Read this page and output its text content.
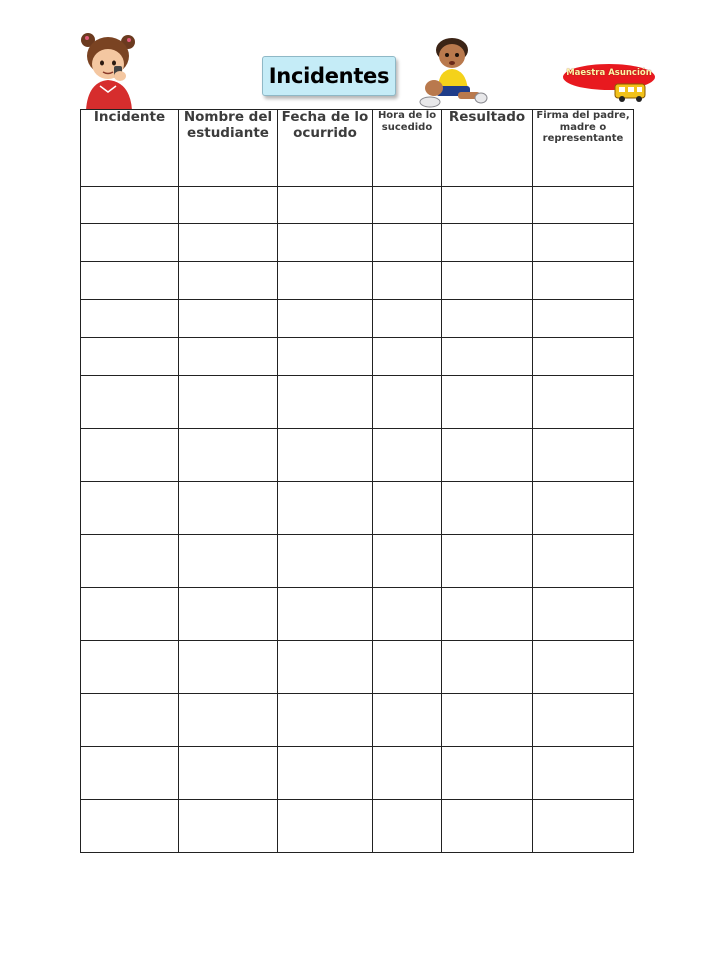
Incidentes	Maestra Asunción
Incidente	Nombre del estudiante	Fecha de lo ocurrido	Hora de lo sucedido	Resultado	Firma del padre, madre o representante
